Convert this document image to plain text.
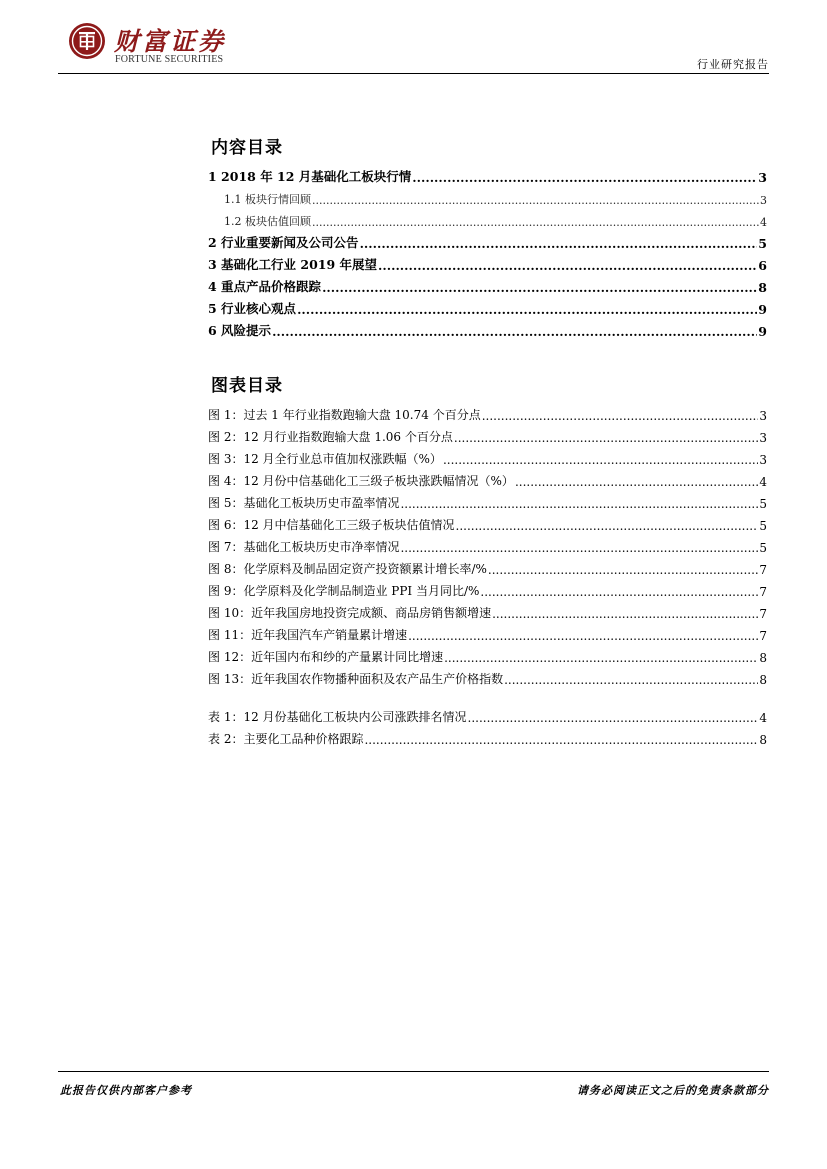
财富证券
FORTUNE SECURITIES	行业研究报告
内容目录
1 2018 年 12 月基础化工板块行情 .....	3
1.1 板块行情回顾 .....	3
1.2 板块估值回顾 .....	4
2 行业重要新闻及公司公告 .....	5
3 基础化工行业 2019 年展望 .....	6
4 重点产品价格跟踪 .....	8
5 行业核心观点 .....	9
6 风险提示 .....	9
图表目录
图 1：过去 1 年行业指数跑输大盘 10.74 个百分点 .....	3
图 2：12 月行业指数跑输大盘 1.06 个百分点 .....	3
图 3：12 月全行业总市值加权涨跌幅（%） .....	3
图 4：12 月份中信基础化工三级子板块涨跌幅情况（%） .....	4
图 5：基础化工板块历史市盈率情况 .....	5
图 6：12 月中信基础化工三级子板块估值情况 .....	5
图 7：基础化工板块历史市净率情况 .....	5
图 8：化学原料及制品固定资产投资额累计增长率/% .....	7
图 9：化学原料及化学制品制造业 PPI 当月同比/% .....	7
图 10：近年我国房地投资完成额、商品房销售额增速 .....	7
图 11：近年我国汽车产销量累计增速 .....	7
图 12：近年国内布和纱的产量累计同比增速 .....	8
图 13：近年我国农作物播种面积及农产品生产价格指数 .....	8
表 1：12 月份基础化工板块内公司涨跌排名情况 .....	4
表 2：主要化工品种价格跟踪 .....	8
此报告仅供内部客户参考	请务必阅读正文之后的免责条款部分
